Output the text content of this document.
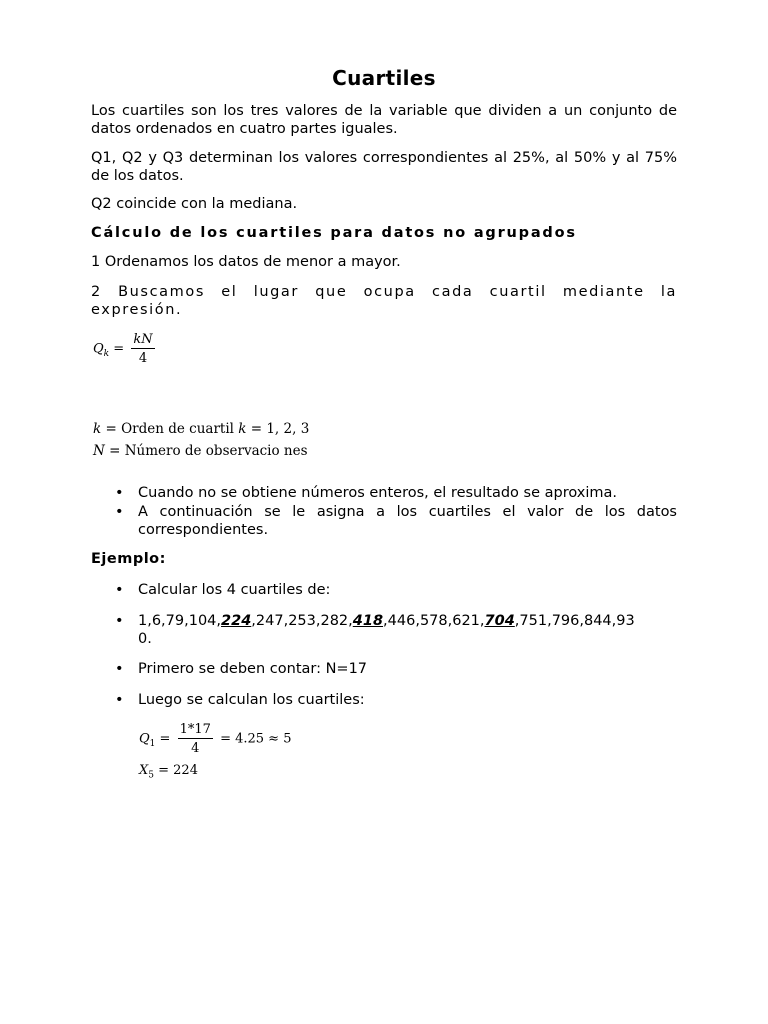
Cuartiles
Los cuartiles son los tres valores de la variable que dividen a un conjunto de datos ordenados en cuatro partes iguales.
Q1, Q2 y Q3 determinan los valores correspondientes al 25%, al 50% y al 75% de los datos.
Q2 coincide con la mediana.
Cálculo de los cuartiles para datos no agrupados
1 Ordenamos los datos de menor a mayor.
2 Buscamos el lugar que ocupa cada cuartil mediante la expresión.
$Q_k = \frac{kN}{4}$
k = Orden de cuartil k = 1, 2, 3
N = Número de observacio nes
• Cuando no se obtiene números enteros, el resultado se aproxima.
• A continuación se le asigna a los cuartiles el valor de los datos correspondientes.
Ejemplo:
• Calcular los 4 cuartiles de:
• 1,6,79,104,224,247,253,282,418,446,578,621,704,751,796,844,93
0.
• Primero se deben contar: N=17
• Luego se calculan los cuartiles:
$Q_1 = \frac{1*17}{4} = 4.25 \approx 5$
$X_5 = 224$
